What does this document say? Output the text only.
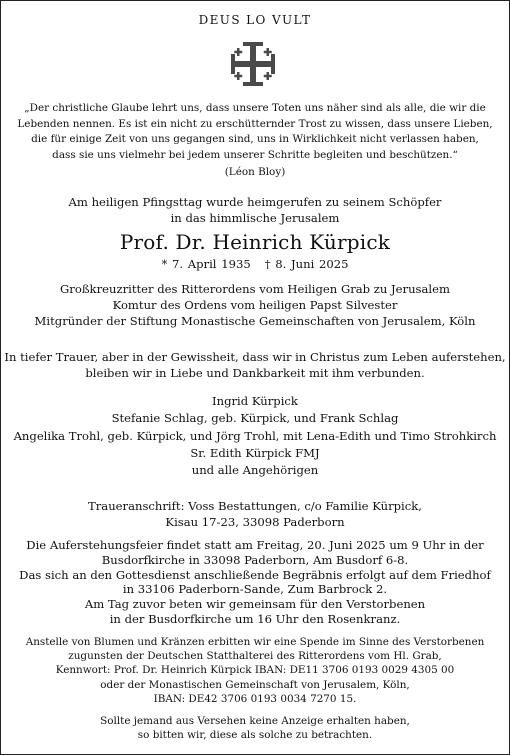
DEUS LO VULT
„Der christliche Glaube lehrt uns, dass unsere Toten uns näher sind als alle, die wir die
Lebenden nennen. Es ist ein nicht zu erschütternder Trost zu wissen, dass unsere Lieben,
die für einige Zeit von uns gegangen sind, uns in Wirklichkeit nicht verlassen haben,
dass sie uns vielmehr bei jedem unserer Schritte begleiten und beschützen.“
(Léon Bloy)
Am heiligen Pfingsttag wurde heimgerufen zu seinem Schöpfer
in das himmlische Jerusalem
Prof. Dr. Heinrich Kürpick
* 7. April 1935   † 8. Juni 2025
Großkreuzritter des Ritterordens vom Heiligen Grab zu Jerusalem
Komtur des Ordens vom heiligen Papst Silvester
Mitgründer der Stiftung Monastische Gemeinschaften von Jerusalem, Köln
In tiefer Trauer, aber in der Gewissheit, dass wir in Christus zum Leben auferstehen,
bleiben wir in Liebe und Dankbarkeit mit ihm verbunden.
Ingrid Kürpick
Stefanie Schlag, geb. Kürpick, und Frank Schlag
Angelika Trohl, geb. Kürpick, und Jörg Trohl, mit Lena-Edith und Timo Strohkirch
Sr. Edith Kürpick FMJ
und alle Angehörigen
Traueranschrift: Voss Bestattungen, c/o Familie Kürpick,
Kisau 17-23, 33098 Paderborn
Die Auferstehungsfeier findet statt am Freitag, 20. Juni 2025 um 9 Uhr in der
Busdorfkirche in 33098 Paderborn, Am Busdorf 6-8.
Das sich an den Gottesdienst anschließende Begräbnis erfolgt auf dem Friedhof
in 33106 Paderborn-Sande, Zum Barbrock 2.
Am Tag zuvor beten wir gemeinsam für den Verstorbenen
in der Busdorfkirche um 16 Uhr den Rosenkranz.
Anstelle von Blumen und Kränzen erbitten wir eine Spende im Sinne des Verstorbenen
zugunsten der Deutschen Statthalterei des Ritterordens vom Hl. Grab,
Kennwort: Prof. Dr. Heinrich Kürpick IBAN: DE11 3706 0193 0029 4305 00
oder der Monastischen Gemeinschaft von Jerusalem, Köln,
IBAN: DE42 3706 0193 0034 7270 15.
Sollte jemand aus Versehen keine Anzeige erhalten haben,
so bitten wir, diese als solche zu betrachten.
